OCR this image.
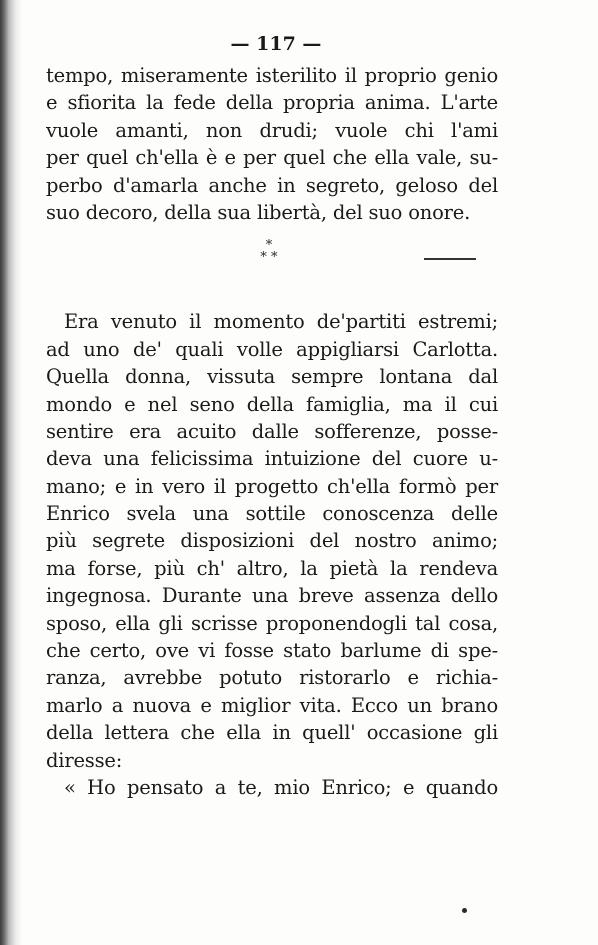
— 117 —
tempo, miseramente isterilito il proprio genio
e sfiorita la fede della propria anima. L'arte
vuole amanti, non drudi; vuole chi l'ami
per quel ch'ella è e per quel che ella vale, su-
perbo d'amarla anche in segreto, geloso del
suo decoro, della sua libertà, del suo onore.
*
* *
Era venuto il momento de'partiti estremi;
ad uno de' quali volle appigliarsi Carlotta.
Quella donna, vissuta sempre lontana dal
mondo e nel seno della famiglia, ma il cui
sentire era acuito dalle sofferenze, posse-
deva una felicissima intuizione del cuore u-
mano; e in vero il progetto ch'ella formò per
Enrico svela una sottile conoscenza delle
più segrete disposizioni del nostro animo;
ma forse, più ch' altro, la pietà la rendeva
ingegnosa. Durante una breve assenza dello
sposo, ella gli scrisse proponendogli tal cosa,
che certo, ove vi fosse stato barlume di spe-
ranza, avrebbe potuto ristorarlo e richia-
marlo a nuova e miglior vita. Ecco un brano
della lettera che ella in quell' occasione gli
diresse:
« Ho pensato a te, mio Enrico; e quando
